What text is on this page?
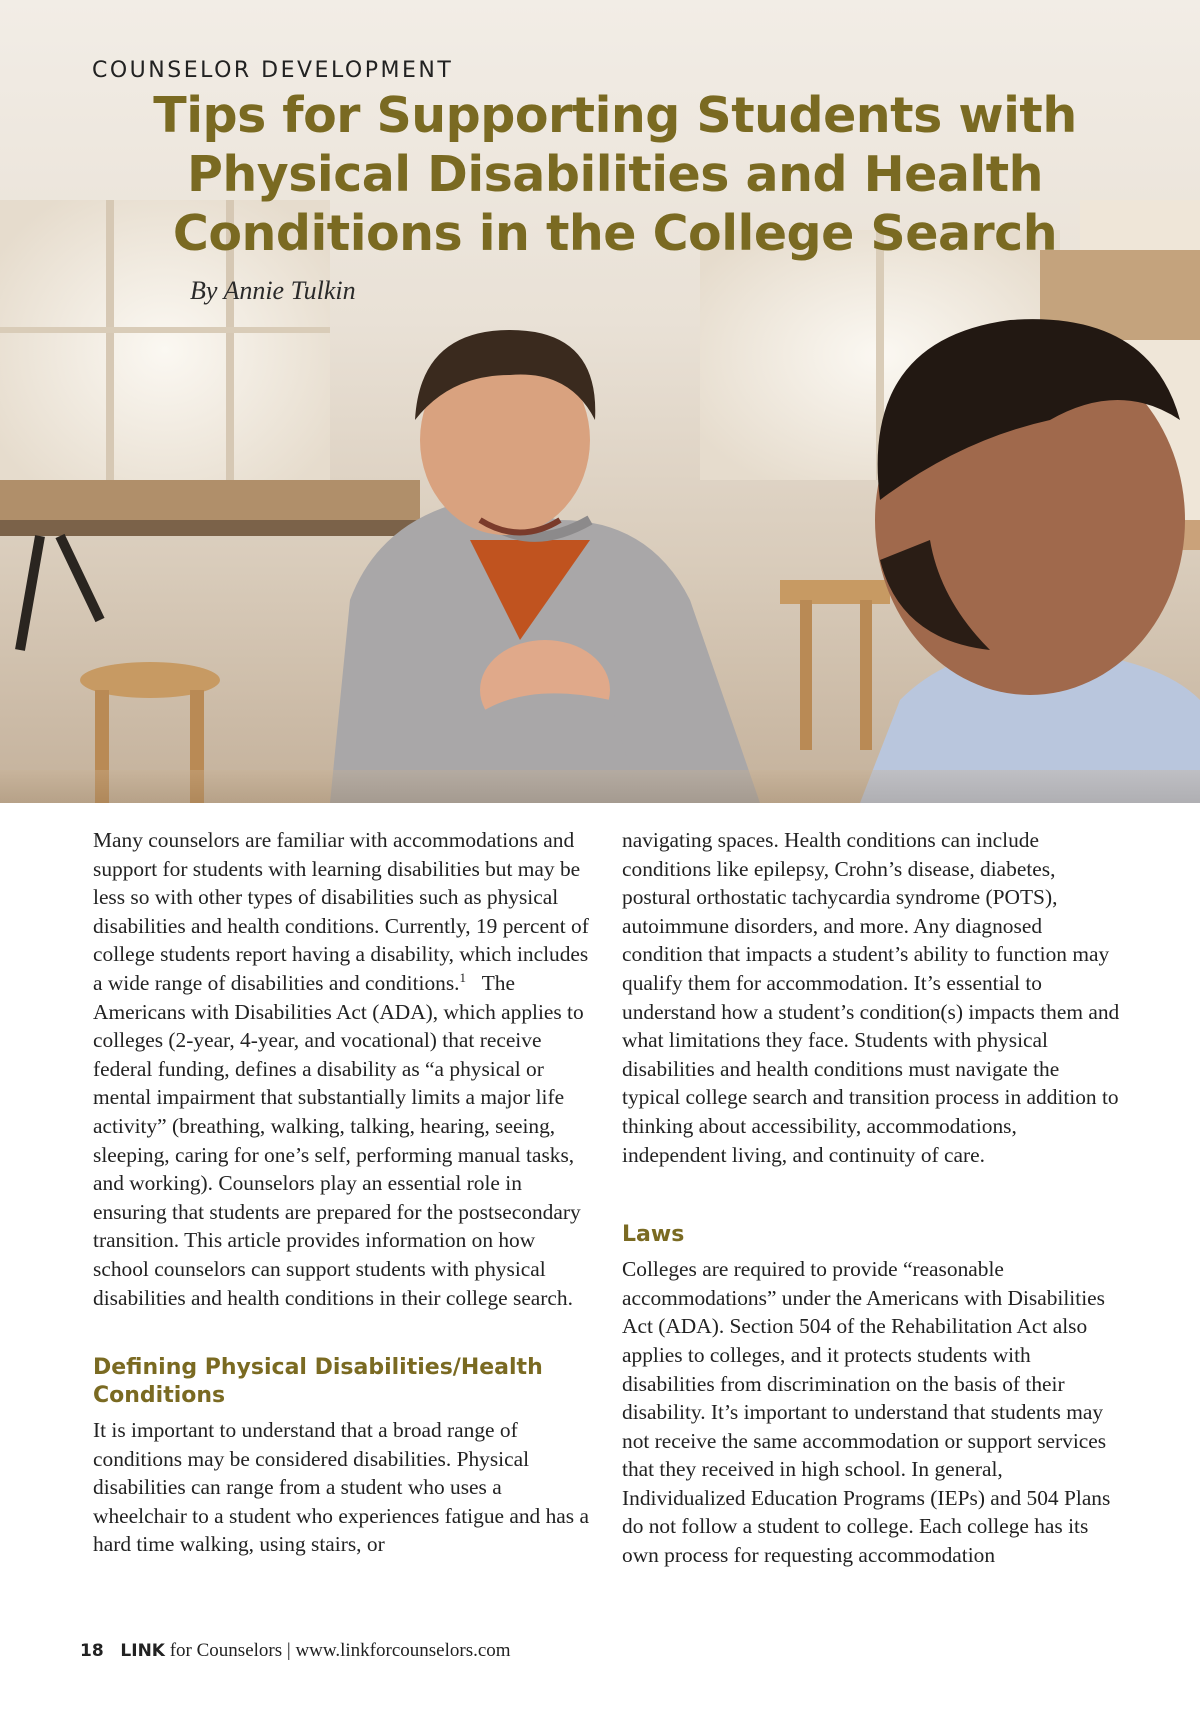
COUNSELOR DEVELOPMENT
Tips for Supporting Students with Physical Disabilities and Health Conditions in the College Search
By Annie Tulkin

Many counselors are familiar with accommodations and support for students with learning disabilities but may be less so with other types of disabilities such as physical disabilities and health conditions. Currently, 19 percent of college students report having a disability, which includes a wide range of disabilities and conditions.$^1$ The Americans with Disabilities Act (ADA), which applies to colleges (2-year, 4-year, and vocational) that receive federal funding, defines a disability as “a physical or mental impairment that substantially limits a major life activity” (breathing, walking, talking, hearing, seeing, sleeping, caring for one’s self, performing manual tasks, and working). Counselors play an essential role in ensuring that students are prepared for the postsecondary transition. This article provides information on how school counselors can support students with physical disabilities and health conditions in their college search.

Defining Physical Disabilities/Health Conditions

It is important to understand that a broad range of conditions may be considered disabilities. Physical disabilities can range from a student who uses a wheelchair to a student who experiences fatigue and has a hard time walking, using stairs, or

navigating spaces. Health conditions can include conditions like epilepsy, Crohn’s disease, diabetes, postural orthostatic tachycardia syndrome (POTS), autoimmune disorders, and more. Any diagnosed condition that impacts a student’s ability to function may qualify them for accommodation. It’s essential to understand how a student’s condition(s) impacts them and what limitations they face. Students with physical disabilities and health conditions must navigate the typical college search and transition process in addition to thinking about accessibility, accommodations, independent living, and continuity of care.

Laws

Colleges are required to provide “reasonable accommodations” under the Americans with Disabilities Act (ADA). Section 504 of the Rehabilitation Act also applies to colleges, and it protects students with disabilities from discrimination on the basis of their disability. It’s important to understand that students may not receive the same accommodation or support services that they received in high school. In general, Individualized Education Programs (IEPs) and 504 Plans do not follow a student to college. Each college has its own process for requesting accommodation

18 LINK for Counselors | www.linkforcounselors.com
